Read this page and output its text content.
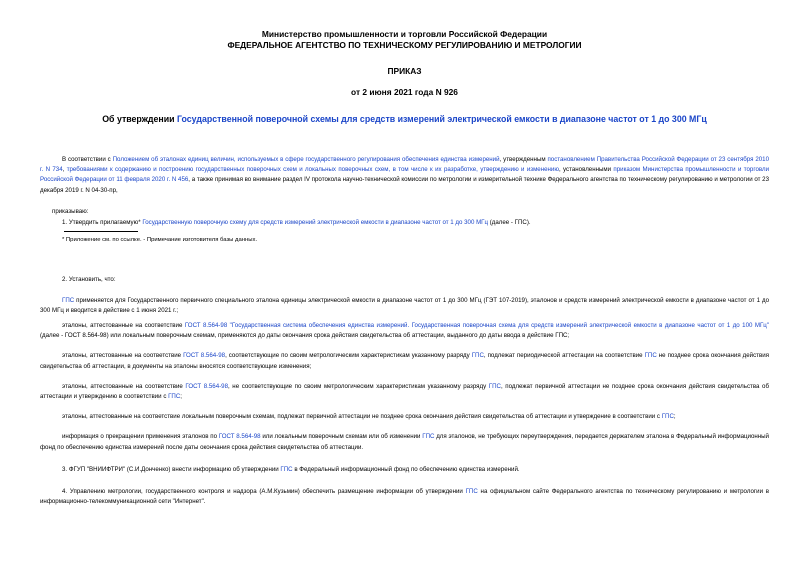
Министерство промышленности и торговли Российской Федерации
ФЕДЕРАЛЬНОЕ АГЕНТСТВО ПО ТЕХНИЧЕСКОМУ РЕГУЛИРОВАНИЮ И МЕТРОЛОГИИ
ПРИКАЗ
от 2 июня 2021 года N 926
Об утверждении Государственной поверочной схемы для средств измерений электрической емкости в диапазоне частот от 1 до 300 МГц

В соответствии с Положением об эталонах единиц величин, используемых в сфере государственного регулирования обеспечения единства измерений, утвержденным постановлением Правительства Российской Федерации от 23 сентября 2010 г. N 734, требованиями к содержанию и построению государственных поверочных схем и локальных поверочных схем, в том числе к их разработке, утверждению и изменению, установленными приказом Министерства промышленности и торговли Российской Федерации от 11 февраля 2020 г. N 456, а также принимая во внимание раздел IV протокола научно-технической комиссии по метрологии и измерительной технике Федерального агентства по техническому регулированию и метрологии от 23 декабря 2019 г. N 04-30-пр,

приказываю:

1. Утвердить прилагаемую* Государственную поверочную схему для средств измерений электрической емкости в диапазоне частот от 1 до 300 МГц (далее - ГПС).

* Приложение см. по ссылке. - Примечание изготовителя базы данных.

2. Установить, что:

ГПС применяется для Государственного первичного специального эталона единицы электрической емкости в диапазоне частот от 1 до 300 МГц (ГЭТ 107-2019), эталонов и средств измерений электрической емкости в диапазоне частот от 1 до 300 МГц и вводится в действие с 1 июня 2021 г.;

эталоны, аттестованные на соответствие ГОСТ 8.564-98 "Государственная система обеспечения единства измерений. Государственная поверочная схема для средств измерений электрической емкости в диапазоне частот от 1 до 100 МГц" (далее - ГОСТ 8.564-98) или локальным поверочным схемам, применяются до даты окончания срока действия свидетельства об аттестации, выданного до даты ввода в действие ГПС;

эталоны, аттестованные на соответствие ГОСТ 8.564-98, соответствующие по своим метрологическим характеристикам указанному разряду ГПС, подлежат периодической аттестации на соответствие ГПС не позднее срока окончания действия свидетельства об аттестации, в документы на эталоны вносятся соответствующие изменения;

эталоны, аттестованные на соответствие ГОСТ 8.564-98, не соответствующие по своим метрологическим характеристикам указанному разряду ГПС, подлежат первичной аттестации не позднее срока окончания действия свидетельства об аттестации и утверждению в соответствии с ГПС;

эталоны, аттестованные на соответствие локальным поверочным схемам, подлежат первичной аттестации не позднее срока окончания действия свидетельства об аттестации и утверждение в соответствии с ГПС;

информация о прекращении применения эталонов по ГОСТ 8.564-98 или локальным поверочным схемам или об изменении ГПС для эталонов, не требующих переутверждения, передается держателем эталона в Федеральный информационный фонд по обеспечению единства измерений после даты окончания срока действия свидетельства об аттестации.

3. ФГУП "ВНИИФТРИ" (С.И.Донченко) внести информацию об утверждении ГПС в Федеральный информационный фонд по обеспечению единства измерений.

4. Управлению метрологии, государственного контроля и надзора (А.М.Кузьмин) обеспечить размещение информации об утверждении ГПС на официальном сайте Федерального агентства по техническому регулированию и метрологии в информационно-телекоммуникационной сети "Интернет".
